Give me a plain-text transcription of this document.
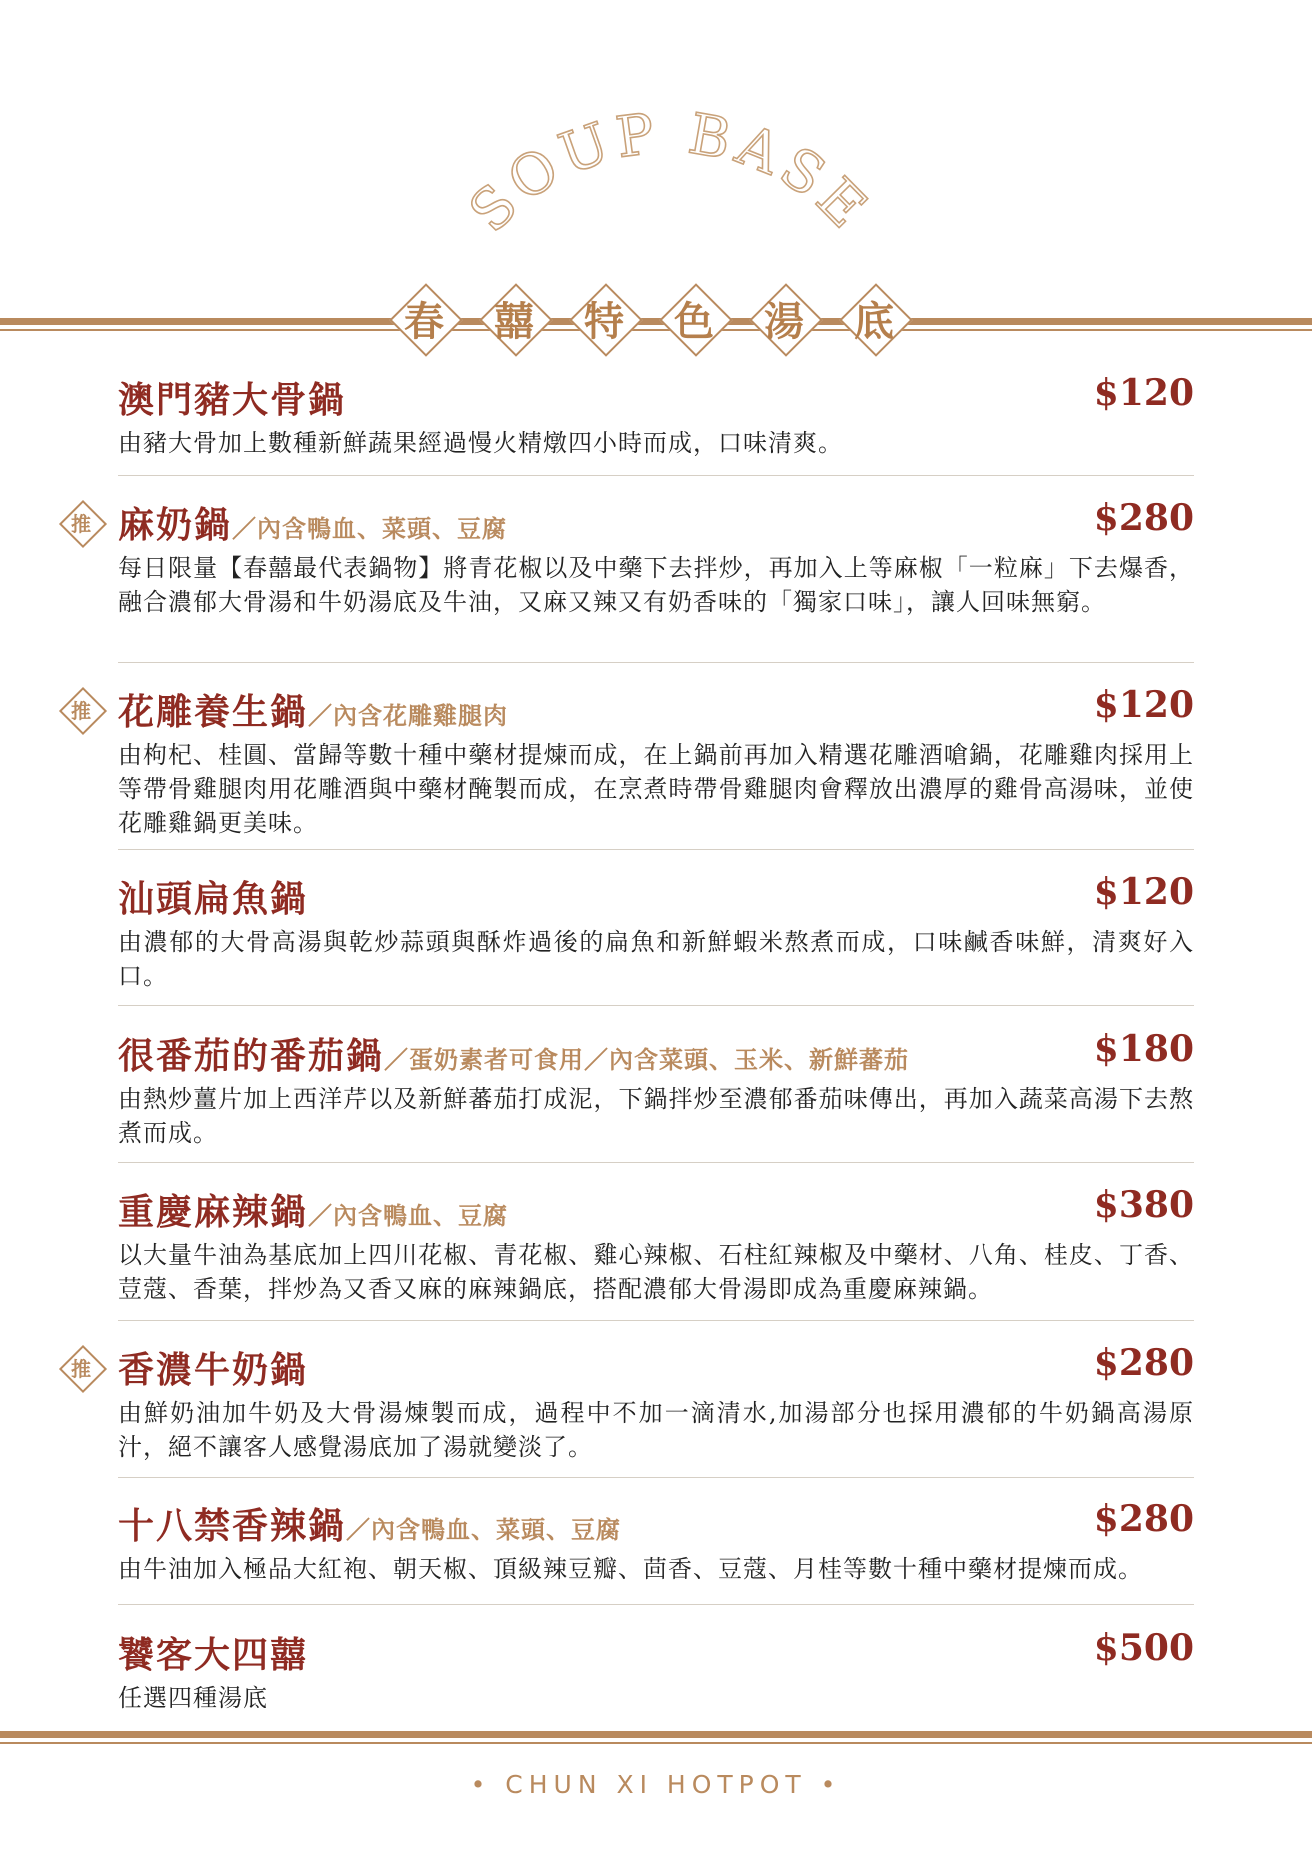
SOUP BASE
春	囍	特	色	湯	底
澳門豬大骨鍋	$120
由豬大骨加上數種新鮮蔬果經過慢火精燉四小時而成，口味清爽。
麻奶鍋／內含鴨血、菜頭、豆腐	$280
每日限量【春囍最代表鍋物】將青花椒以及中藥下去拌炒，再加入上等麻椒「一粒麻」下去爆香，融合濃郁大骨湯和牛奶湯底及牛油，又麻又辣又有奶香味的「獨家口味」，讓人回味無窮。
推
花雕養生鍋／內含花雕雞腿肉	$120
由枸杞、桂圓、當歸等數十種中藥材提煉而成，在上鍋前再加入精選花雕酒嗆鍋，花雕雞肉採用上等帶骨雞腿肉用花雕酒與中藥材醃製而成，在烹煮時帶骨雞腿肉會釋放出濃厚的雞骨高湯味，並使花雕雞鍋更美味。
推
汕頭扁魚鍋	$120
由濃郁的大骨高湯與乾炒蒜頭與酥炸過後的扁魚和新鮮蝦米熬煮而成，口味鹹香味鮮，清爽好入口。
很番茄的番茄鍋／蛋奶素者可食用／內含菜頭、玉米、新鮮蕃茄	$180
由熱炒薑片加上西洋芹以及新鮮蕃茄打成泥，下鍋拌炒至濃郁番茄味傳出，再加入蔬菜高湯下去熬煮而成。
重慶麻辣鍋／內含鴨血、豆腐	$380
以大量牛油為基底加上四川花椒、青花椒、雞心辣椒、石柱紅辣椒及中藥材、八角、桂皮、丁香、荳蔻、香葉，拌炒為又香又麻的麻辣鍋底，搭配濃郁大骨湯即成為重慶麻辣鍋。
香濃牛奶鍋	$280
由鮮奶油加牛奶及大骨湯煉製而成，過程中不加一滴清水,加湯部分也採用濃郁的牛奶鍋高湯原汁，絕不讓客人感覺湯底加了湯就變淡了。
推
十八禁香辣鍋／內含鴨血、菜頭、豆腐	$280
由牛油加入極品大紅袍、朝天椒、頂級辣豆瓣、茴香、豆蔻、月桂等數十種中藥材提煉而成。
饕客大四囍	$500
任選四種湯底
• CHUN XI HOTPOT •
